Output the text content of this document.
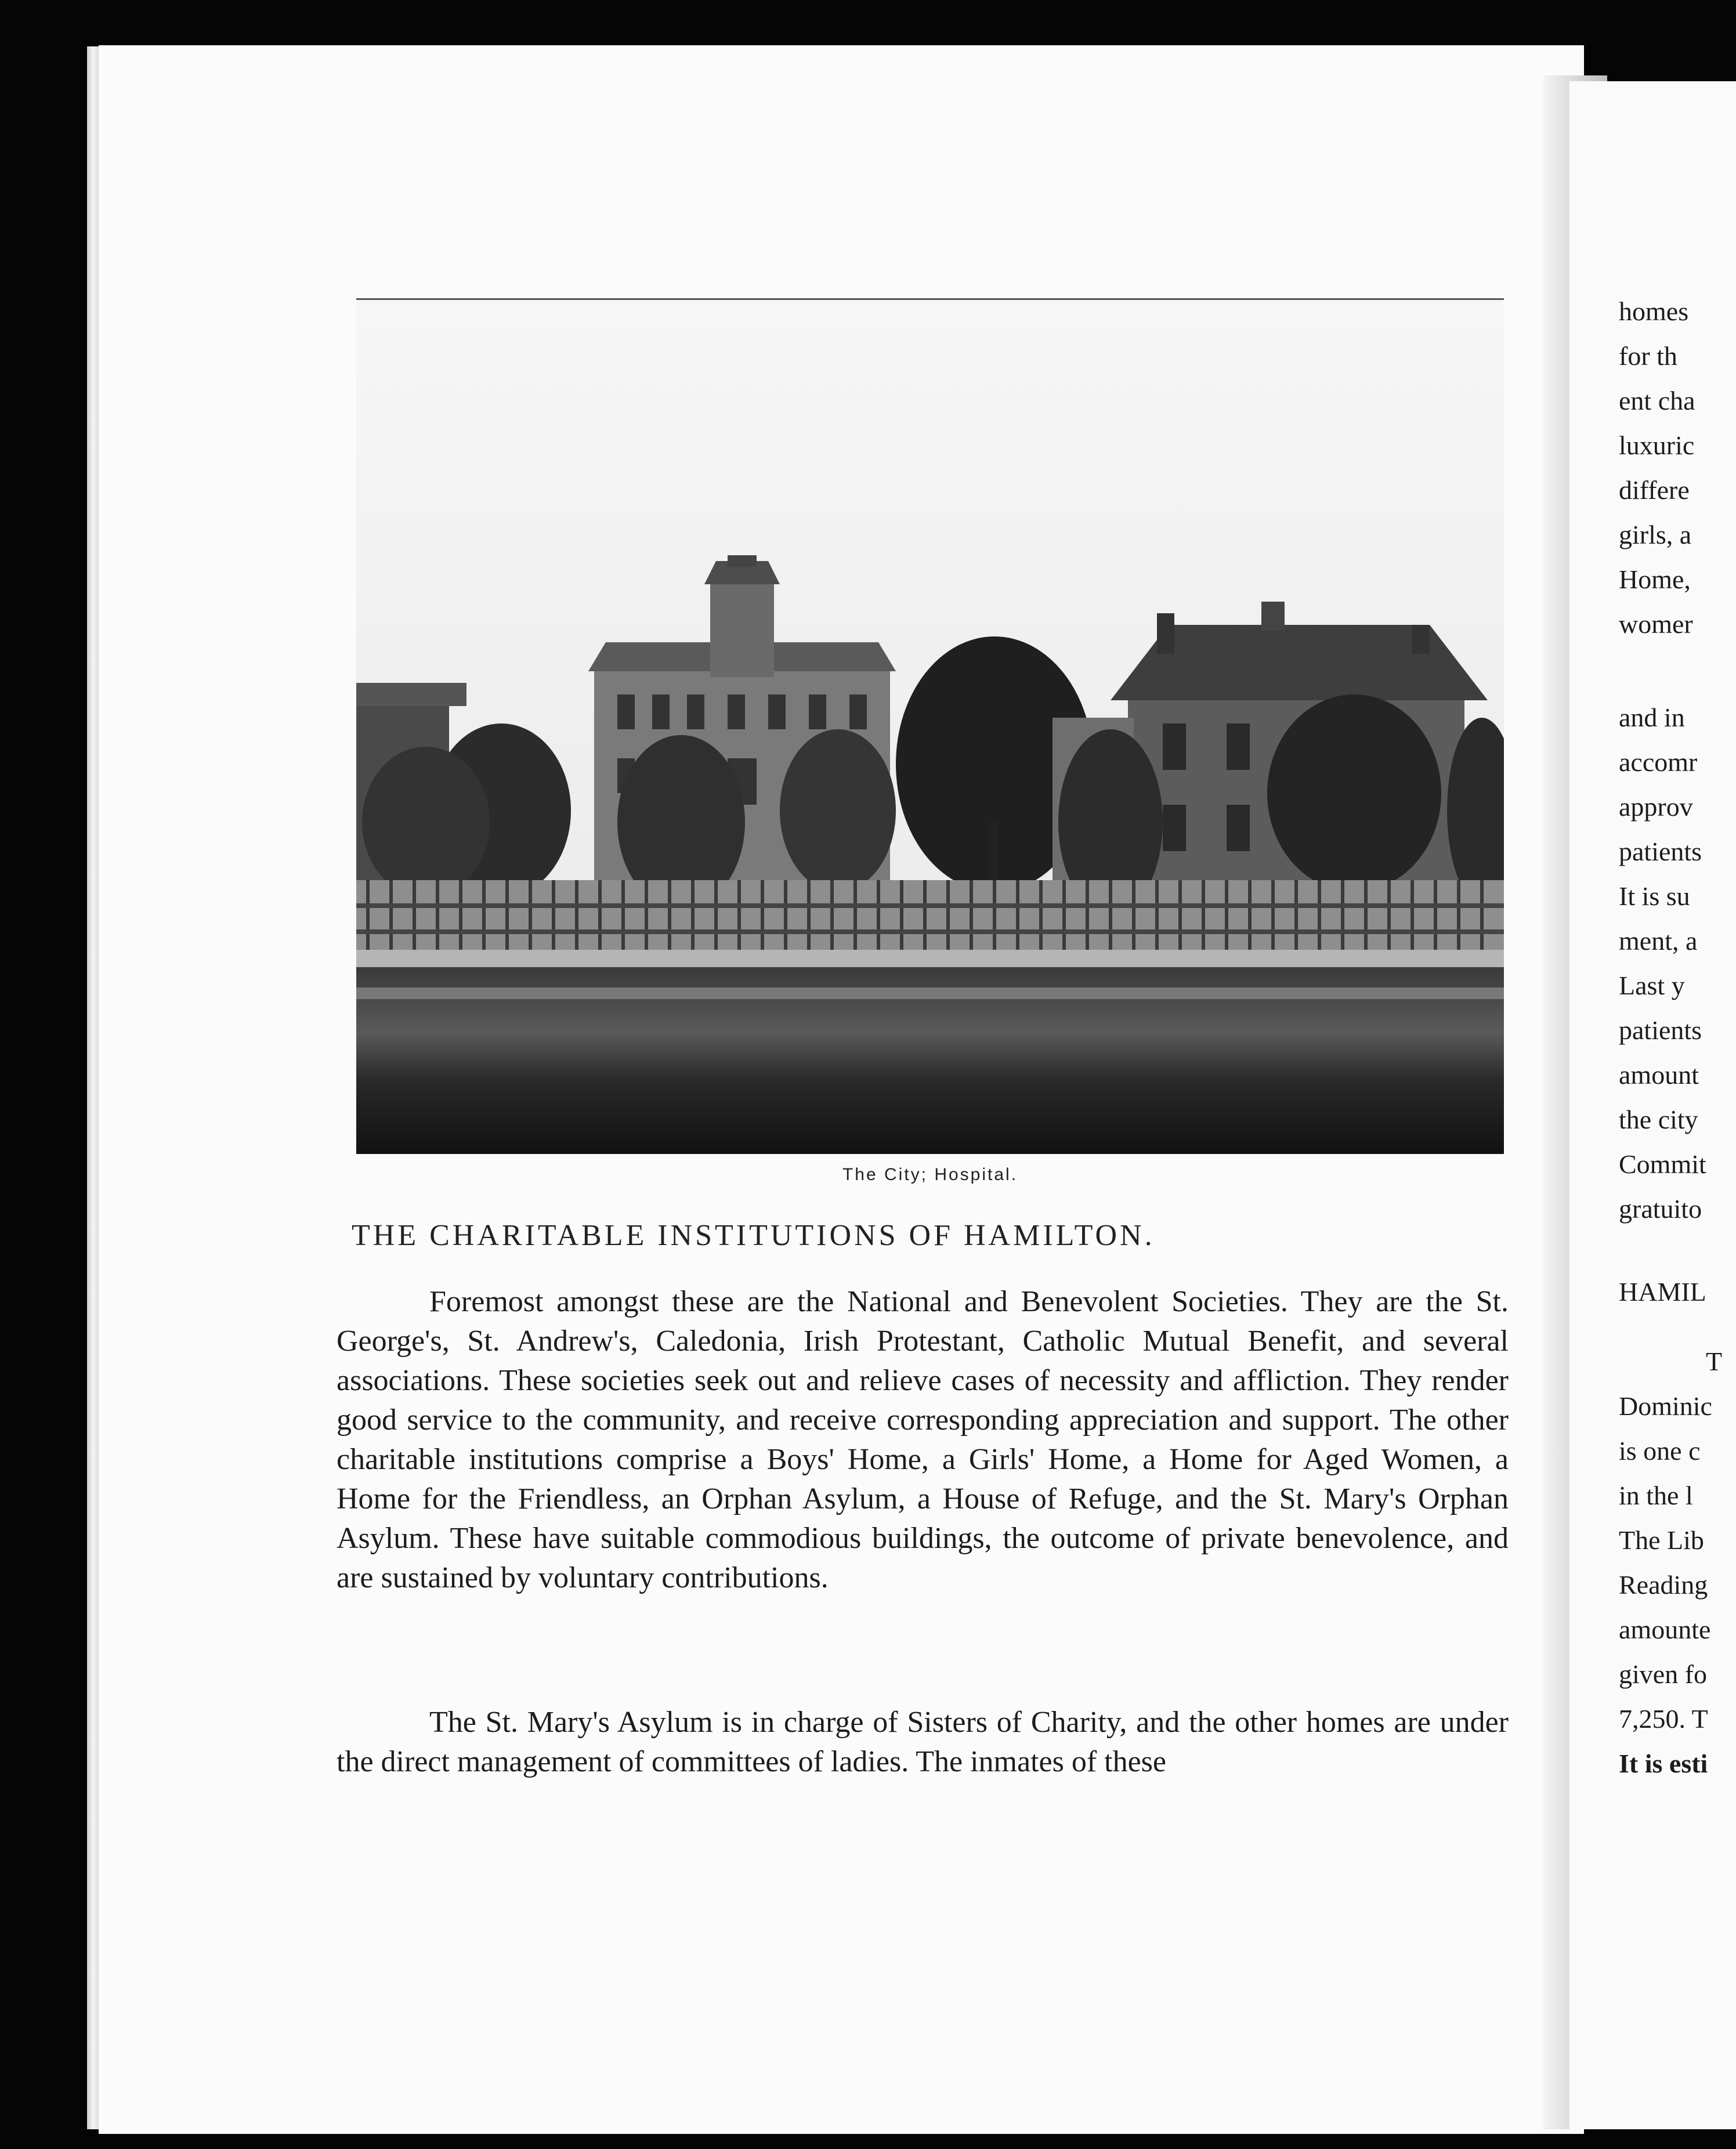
The City; Hospital.
THE CHARITABLE INSTITUTIONS OF HAMILTON.
Foremost amongst these are the National and Benevolent Societies. They are the St. George's, St. Andrew's, Caledonia, Irish Protestant, Catholic Mutual Benefit, and several associations. These societies seek out and relieve cases of necessity and affliction. They render good service to the community, and receive corresponding appreciation and support. The other charitable institutions comprise a Boys' Home, a Girls' Home, a Home for Aged Women, a Home for the Friendless, an Orphan Asylum, a House of Refuge, and the St. Mary's Orphan Asylum. These have suitable commodious buildings, the outcome of private benevolence, and are sustained by voluntary contributions.
The St. Mary's Asylum is in charge of Sisters of Charity, and the other homes are under the direct management of committees of ladies. The inmates of these
homes
for th
ent cha
luxuric
differe
girls, a
Home,
womer
and in
accomr
approv
patients
It is su
ment, a
Last y
patients
amount
the city
Commit
gratuito
HAMIL
T
Dominic
is one c
in the l
The Lib
Reading
amounte
given fo
7,250. T
It is esti
